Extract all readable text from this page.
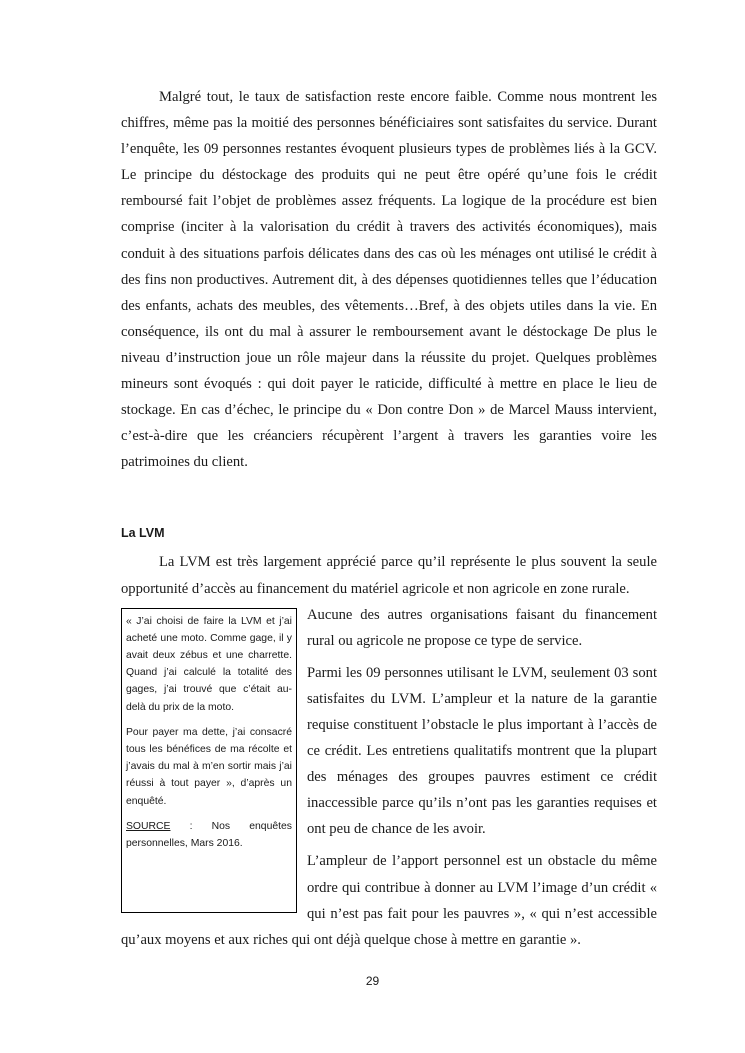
Malgré tout, le taux de satisfaction reste encore faible. Comme nous montrent les chiffres, même pas la moitié des personnes bénéficiaires sont satisfaites du service. Durant l’enquête, les 09 personnes restantes évoquent plusieurs types de problèmes liés à la GCV. Le principe du déstockage des produits qui ne peut être opéré qu’une fois le crédit remboursé fait l’objet de problèmes assez fréquents. La logique de la procédure est bien comprise (inciter à la valorisation du crédit à travers des activités économiques), mais conduit à des situations parfois délicates dans des cas où les ménages ont utilisé le crédit à des fins non productives. Autrement dit, à des dépenses quotidiennes telles que l’éducation des enfants, achats des meubles, des vêtements…Bref, à des objets utiles dans la vie. En conséquence, ils ont du mal à assurer le remboursement avant le déstockage De plus le niveau d’instruction joue un rôle majeur dans la réussite du projet. Quelques problèmes mineurs sont évoqués : qui doit payer le raticide, difficulté à mettre en place le lieu de stockage. En cas d’échec, le principe du « Don contre Don » de Marcel Mauss intervient, c’est-à-dire que les créanciers récupèrent l’argent à travers les garanties voire les patrimoines du client.

La LVM

La LVM est très largement apprécié parce qu’il représente le plus souvent la seule opportunité d’accès au financement du matériel agricole et non agricole en zone rurale.

« J’ai choisi de faire la LVM et j’ai acheté une moto. Comme gage, il y avait deux zébus et une charrette. Quand j’ai calculé la totalité des gages, j’ai trouvé que c’était au-delà du prix de la moto.

Pour payer ma dette, j’ai consacré tous les bénéfices de ma récolte et j’avais du mal à m’en sortir mais j’ai réussi à tout payer », d’après un enquêté.

SOURCE : Nos enquêtes personnelles, Mars 2016.

Aucune des autres organisations faisant du financement rural ou agricole ne propose ce type de service.

Parmi les 09 personnes utilisant le LVM, seulement 03 sont satisfaites du LVM. L’ampleur et la nature de la garantie requise constituent l’obstacle le plus important à l’accès de ce crédit. Les entretiens qualitatifs montrent que la plupart des ménages des groupes pauvres estiment ce crédit inaccessible parce qu’ils n’ont pas les garanties requises et ont peu de chance de les avoir.

L’ampleur de l’apport personnel est un obstacle du même ordre qui contribue à donner au LVM l’image d’un crédit « qui n’est pas fait pour les pauvres », « qui n’est accessible qu’aux moyens et aux riches qui ont déjà quelque chose à mettre en garantie ».

29
